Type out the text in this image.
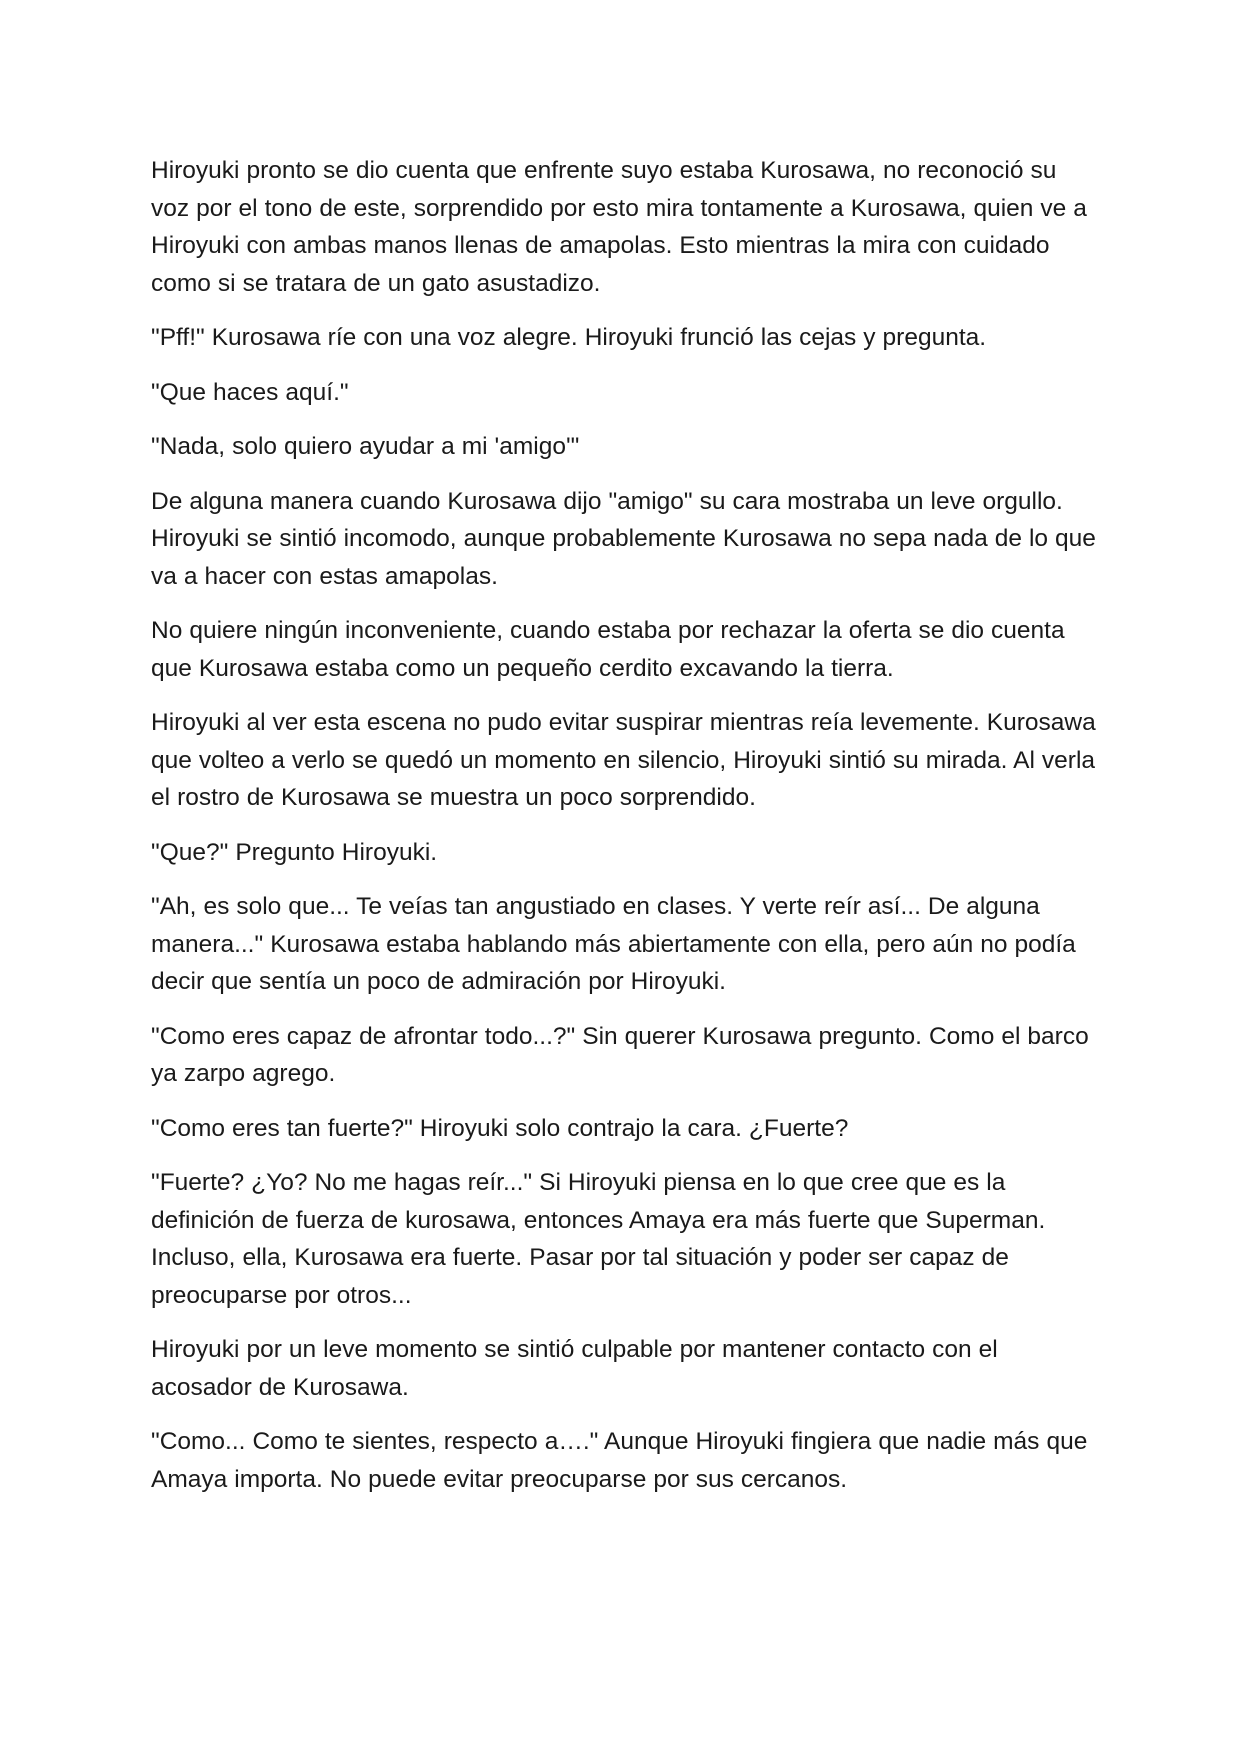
Hiroyuki pronto se dio cuenta que enfrente suyo estaba Kurosawa, no reconoció su voz por el tono de este, sorprendido por esto mira tontamente a Kurosawa, quien ve a Hiroyuki con ambas manos llenas de amapolas. Esto mientras la mira con cuidado como si se tratara de un gato asustadizo.

"Pff!" Kurosawa ríe con una voz alegre. Hiroyuki frunció las cejas y pregunta.

"Que haces aquí."

"Nada, solo quiero ayudar a mi 'amigo'"

De alguna manera cuando Kurosawa dijo "amigo" su cara mostraba un leve orgullo. Hiroyuki se sintió incomodo, aunque probablemente Kurosawa no sepa nada de lo que va a hacer con estas amapolas.

No quiere ningún inconveniente, cuando estaba por rechazar la oferta se dio cuenta que Kurosawa estaba como un pequeño cerdito excavando la tierra.

Hiroyuki al ver esta escena no pudo evitar suspirar mientras reía levemente. Kurosawa que volteo a verlo se quedó un momento en silencio, Hiroyuki sintió su mirada. Al verla el rostro de Kurosawa se muestra un poco sorprendido.

"Que?" Pregunto Hiroyuki.

"Ah, es solo que... Te veías tan angustiado en clases. Y verte reír así... De alguna manera..." Kurosawa estaba hablando más abiertamente con ella, pero aún no podía decir que sentía un poco de admiración por Hiroyuki.

"Como eres capaz de afrontar todo...?" Sin querer Kurosawa pregunto. Como el barco ya zarpo agrego.

"Como eres tan fuerte?" Hiroyuki solo contrajo la cara. ¿Fuerte?

"Fuerte? ¿Yo? No me hagas reír..." Si Hiroyuki piensa en lo que cree que es la definición de fuerza de kurosawa, entonces Amaya era más fuerte que Superman. Incluso, ella, Kurosawa era fuerte. Pasar por tal situación y poder ser capaz de preocuparse por otros...

Hiroyuki por un leve momento se sintió culpable por mantener contacto con el acosador de Kurosawa.

"Como... Como te sientes, respecto a…." Aunque Hiroyuki fingiera que nadie más que Amaya importa. No puede evitar preocuparse por sus cercanos.
